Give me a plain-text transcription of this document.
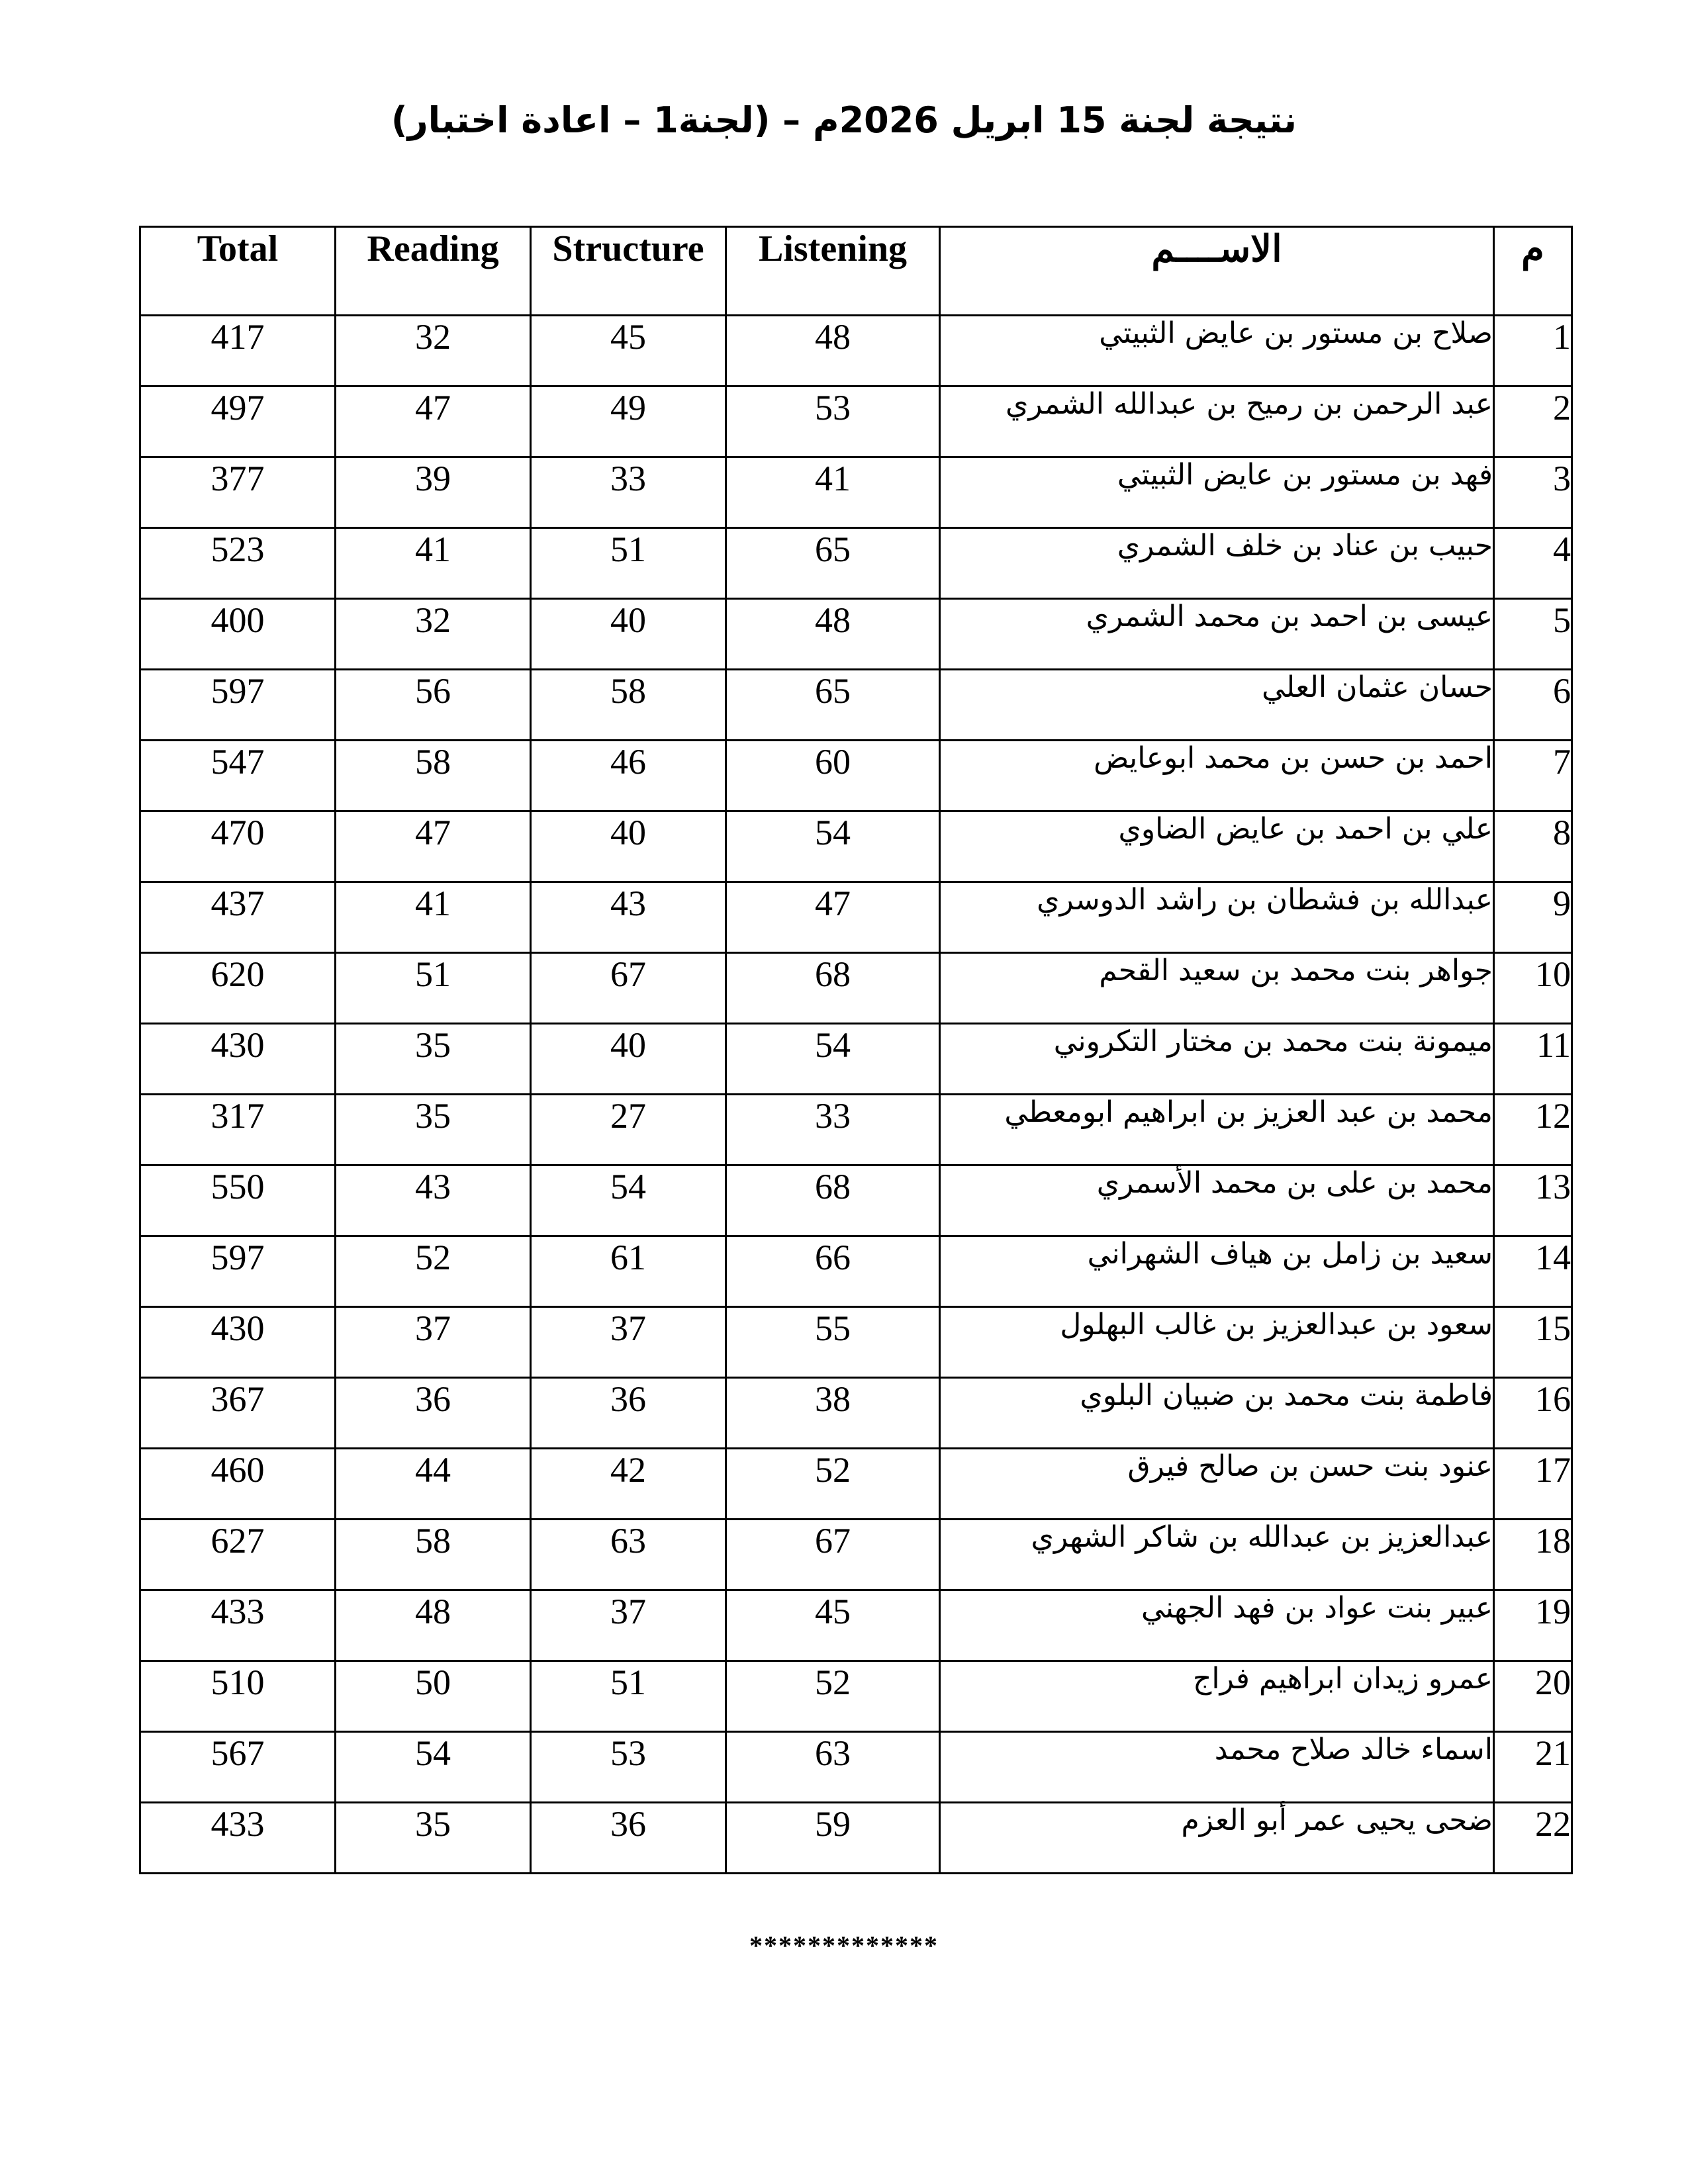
نتيجة لجنة 15 ابريل 2026م – (لجنة1 – اعادة اختبار)
Total	Reading	Structure	Listening	الاســــم	م
417	32	45	48	صلاح بن مستور بن عايض الثبيتي	1
497	47	49	53	عبد الرحمن بن رميح بن عبدالله الشمري	2
377	39	33	41	فهد بن مستور بن عايض الثبيتي	3
523	41	51	65	حبيب بن عناد بن خلف الشمري	4
400	32	40	48	عيسى بن احمد بن محمد الشمري	5
597	56	58	65	حسان عثمان العلي	6
547	58	46	60	احمد بن حسن بن محمد ابوعايض	7
470	47	40	54	علي بن احمد بن عايض الضاوي	8
437	41	43	47	عبدالله بن فشطان بن راشد الدوسري	9
620	51	67	68	جواهر بنت محمد بن سعيد القحم	10
430	35	40	54	ميمونة بنت محمد بن مختار التكروني	11
317	35	27	33	محمد بن عبد العزيز بن ابراهيم ابومعطي	12
550	43	54	68	محمد بن على بن محمد الأسمري	13
597	52	61	66	سعيد بن زامل بن هياف الشهراني	14
430	37	37	55	سعود بن عبدالعزيز بن غالب البهلول	15
367	36	36	38	فاطمة بنت محمد بن ضبيان البلوي	16
460	44	42	52	عنود بنت حسن بن صالح فيرق	17
627	58	63	67	عبدالعزيز بن عبدالله بن شاكر الشهري	18
433	48	37	45	عبير بنت عواد بن فهد الجهني	19
510	50	51	52	عمرو زيدان ابراهيم فراج	20
567	54	53	63	اسماء خالد صلاح محمد	21
433	35	36	59	ضحى يحيى عمر أبو العزم	22
*************
